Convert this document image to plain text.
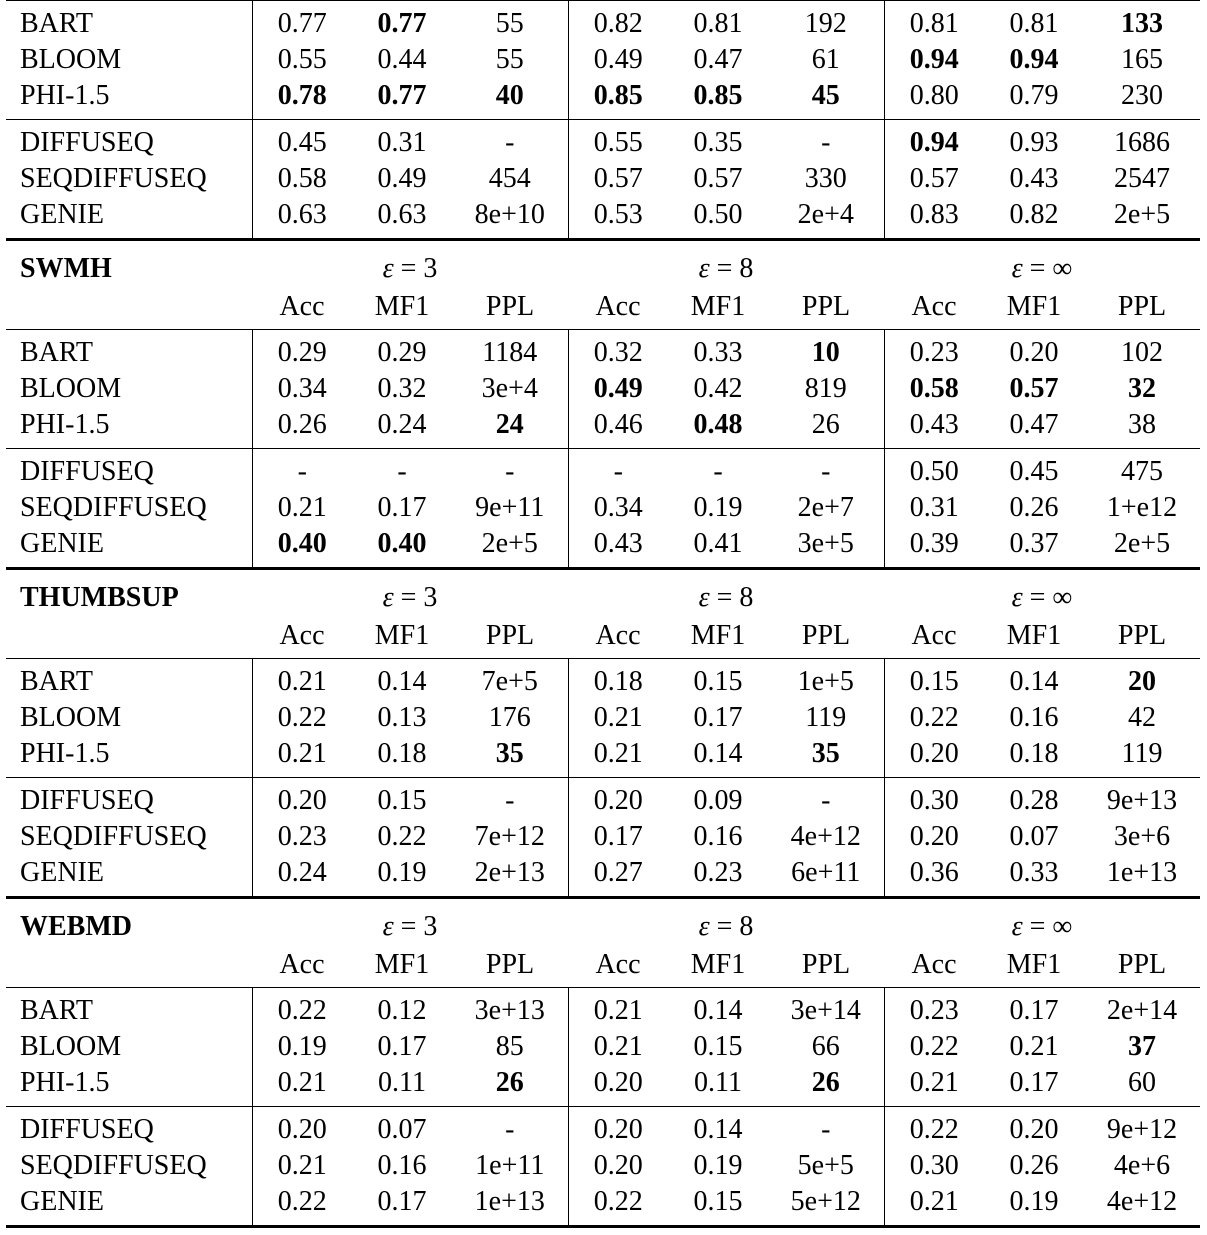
BART	0.77	0.77	55	0.82	0.81	192	0.81	0.81	133
BLOOM	0.55	0.44	55	0.49	0.47	61	0.94	0.94	165
PHI-1.5	0.78	0.77	40	0.85	0.85	45	0.80	0.79	230
DIFFUSEQ	0.45	0.31	-	0.55	0.35	-	0.94	0.93	1686
SEQDIFFUSEQ	0.58	0.49	454	0.57	0.57	330	0.57	0.43	2547
GENIE	0.63	0.63	8e+10	0.53	0.50	2e+4	0.83	0.82	2e+5
SWMH	ε = 3			ε = 8			ε = ∞		
	Acc	MF1	PPL	Acc	MF1	PPL	Acc	MF1	PPL
BART	0.29	0.29	1184	0.32	0.33	10	0.23	0.20	102
BLOOM	0.34	0.32	3e+4	0.49	0.42	819	0.58	0.57	32
PHI-1.5	0.26	0.24	24	0.46	0.48	26	0.43	0.47	38
DIFFUSEQ	-	-	-	-	-	-	0.50	0.45	475
SEQDIFFUSEQ	0.21	0.17	9e+11	0.34	0.19	2e+7	0.31	0.26	1+e12
GENIE	0.40	0.40	2e+5	0.43	0.41	3e+5	0.39	0.37	2e+5
THUMBSUP	ε = 3			ε = 8			ε = ∞		
	Acc	MF1	PPL	Acc	MF1	PPL	Acc	MF1	PPL
BART	0.21	0.14	7e+5	0.18	0.15	1e+5	0.15	0.14	20
BLOOM	0.22	0.13	176	0.21	0.17	119	0.22	0.16	42
PHI-1.5	0.21	0.18	35	0.21	0.14	35	0.20	0.18	119
DIFFUSEQ	0.20	0.15	-	0.20	0.09	-	0.30	0.28	9e+13
SEQDIFFUSEQ	0.23	0.22	7e+12	0.17	0.16	4e+12	0.20	0.07	3e+6
GENIE	0.24	0.19	2e+13	0.27	0.23	6e+11	0.36	0.33	1e+13
WEBMD	ε = 3			ε = 8			ε = ∞		
	Acc	MF1	PPL	Acc	MF1	PPL	Acc	MF1	PPL
BART	0.22	0.12	3e+13	0.21	0.14	3e+14	0.23	0.17	2e+14
BLOOM	0.19	0.17	85	0.21	0.15	66	0.22	0.21	37
PHI-1.5	0.21	0.11	26	0.20	0.11	26	0.21	0.17	60
DIFFUSEQ	0.20	0.07	-	0.20	0.14	-	0.22	0.20	9e+12
SEQDIFFUSEQ	0.21	0.16	1e+11	0.20	0.19	5e+5	0.30	0.26	4e+6
GENIE	0.22	0.17	1e+13	0.22	0.15	5e+12	0.21	0.19	4e+12
